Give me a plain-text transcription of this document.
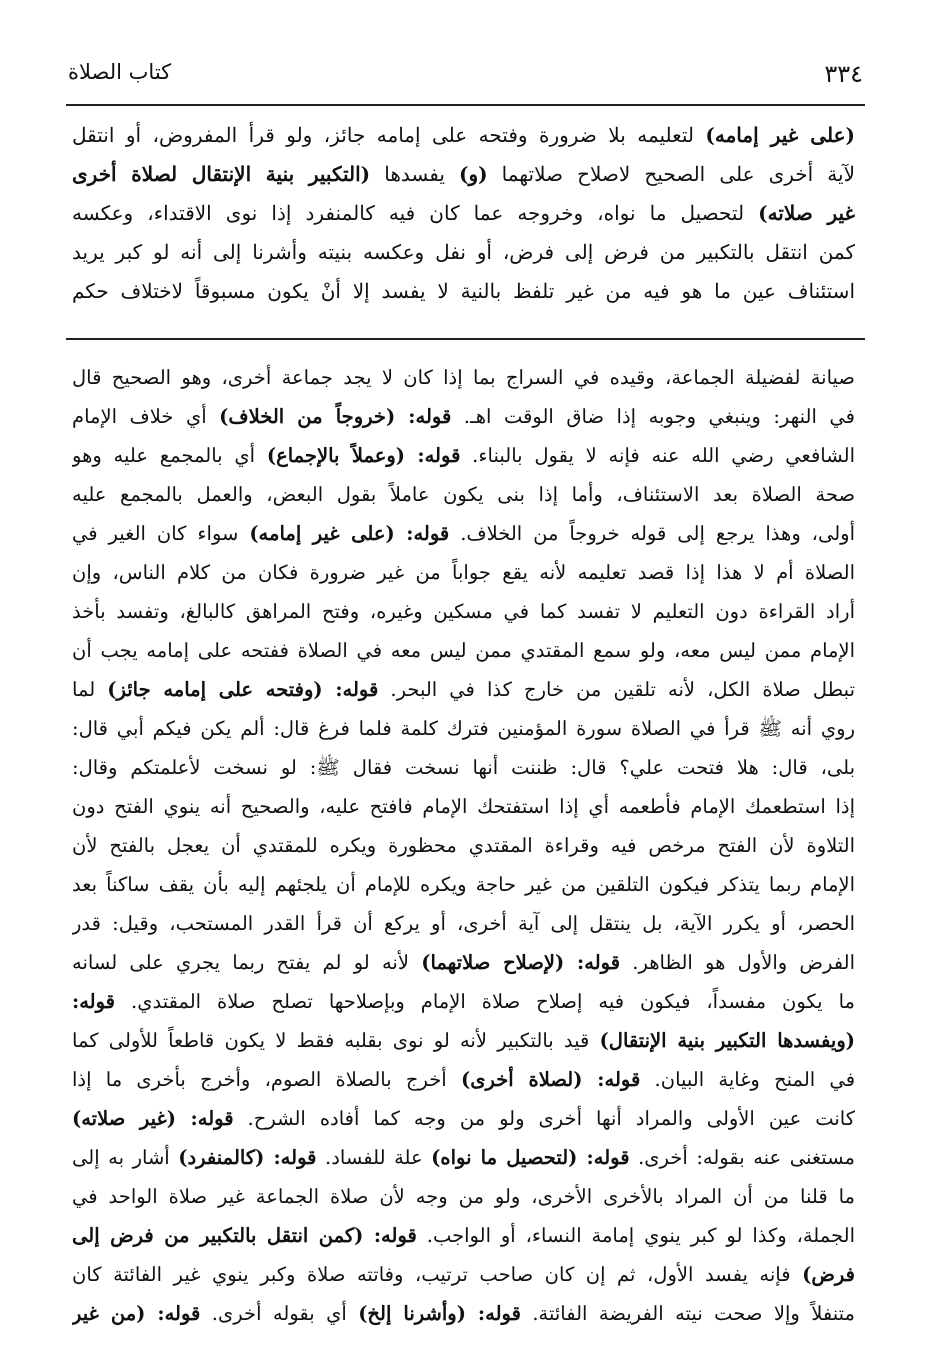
٣٣٤
كتاب الصلاة
(على غير إمامه) لتعليمه بلا ضرورة وفتحه على إمامه جائز، ولو قرأ المفروض، أو انتقل
لآية أخرى على الصحيح لاصلاح صلاتهما (و) يفسدها (التكبير بنية الإنتقال لصلاة أخرى
غير صلاته) لتحصيل ما نواه، وخروجه عما كان فيه كالمنفرد إذا نوى الاقتداء، وعكسه
كمن انتقل بالتكبير من فرض إلى فرض، أو نفل وعكسه بنيته وأشرنا إلى أنه لو كبر يريد
استئناف عين ما هو فيه من غير تلفظ بالنية لا يفسد إلا أنْ يكون مسبوقاً لاختلاف حكم
صيانة لفضيلة الجماعة، وقيده في السراج بما إذا كان لا يجد جماعة أخرى، وهو الصحيح قال
في النهر: وينبغي وجوبه إذا ضاق الوقت اهـ. قوله: (خروجاً من الخلاف) أي خلاف الإمام
الشافعي رضي الله عنه فإنه لا يقول بالبناء. قوله: (وعملاً بالإجماع) أي بالمجمع عليه وهو
صحة الصلاة بعد الاستئناف، وأما إذا بنى يكون عاملاً بقول البعض، والعمل بالمجمع عليه
أولى، وهذا يرجع إلى قوله خروجاً من الخلاف. قوله: (على غير إمامه) سواء كان الغير في
الصلاة أم لا هذا إذا قصد تعليمه لأنه يقع جواباً من غير ضرورة فكان من كلام الناس، وإن
أراد القراءة دون التعليم لا تفسد كما في مسكين وغيره، وفتح المراهق كالبالغ، وتفسد بأخذ
الإمام ممن ليس معه، ولو سمع المقتدي ممن ليس معه في الصلاة ففتحه على إمامه يجب أن
تبطل صلاة الكل، لأنه تلقين من خارج كذا في البحر. قوله: (وفتحه على إمامه جائز) لما
روي أنه ﷺ قرأ في الصلاة سورة المؤمنين فترك كلمة فلما فرغ قال: ألم يكن فيكم أبي قال:
بلى، قال: هلا فتحت علي؟ قال: ظننت أنها نسخت فقال ﷺ: لو نسخت لأعلمتكم وقال:
إذا استطعمك الإمام فأطعمه أي إذا استفتحك الإمام فافتح عليه، والصحيح أنه ينوي الفتح دون
التلاوة لأن الفتح مرخص فيه وقراءة المقتدي محظورة ويكره للمقتدي أن يعجل بالفتح لأن
الإمام ربما يتذكر فيكون التلقين من غير حاجة ويكره للإمام أن يلجئهم إليه بأن يقف ساكناً بعد
الحصر، أو يكرر الآية، بل ينتقل إلى آية أخرى، أو يركع أن قرأ القدر المستحب، وقيل: قدر
الفرض والأول هو الظاهر. قوله: (لإصلاح صلاتهما) لأنه لو لم يفتح ربما يجري على لسانه
ما يكون مفسداً، فيكون فيه إصلاح صلاة الإمام وبإصلاحها تصلح صلاة المقتدي. قوله:
(ويفسدها التكبير بنية الإنتقال) قيد بالتكبير لأنه لو نوى بقلبه فقط لا يكون قاطعاً للأولى كما
في المنح وغاية البيان. قوله: (لصلاة أخرى) أخرج بالصلاة الصوم، وأخرج بأخرى ما إذا
كانت عين الأولى والمراد أنها أخرى ولو من وجه كما أفاده الشرح. قوله: (غير صلاته)
مستغنى عنه بقوله: أخرى. قوله: (لتحصيل ما نواه) علة للفساد. قوله: (كالمنفرد) أشار به إلى
ما قلنا من أن المراد بالأخرى الأخرى، ولو من وجه لأن صلاة الجماعة غير صلاة الواحد في
الجملة، وكذا لو كبر ينوي إمامة النساء، أو الواجب. قوله: (كمن انتقل بالتكبير من فرض إلى
فرض) فإنه يفسد الأول، ثم إن كان صاحب ترتيب، وفاتته صلاة وكبر ينوي غير الفائتة كان
متنفلاً وإلا صحت نيته الفريضة الفائتة. قوله: (وأشرنا إلخ) أي بقوله أخرى. قوله: (من غير
